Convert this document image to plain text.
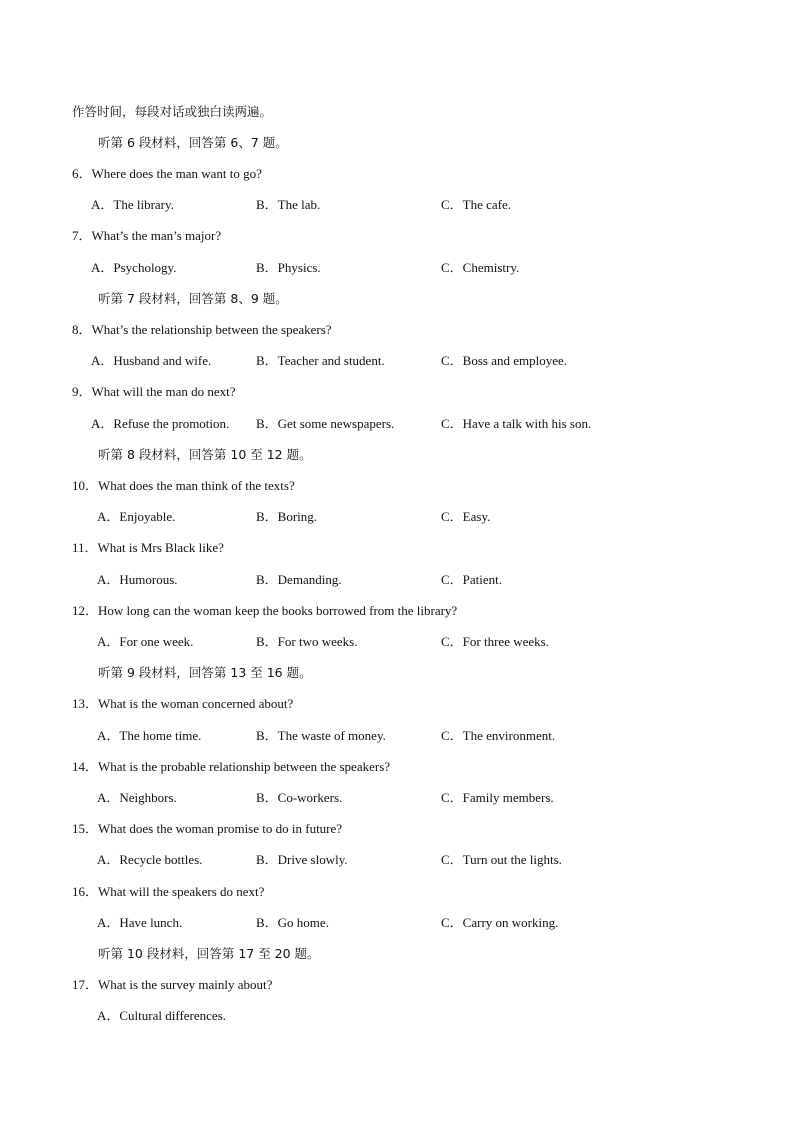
作答时间，每段对话或独白读两遍。
听第 6 段材料，回答第 6、7 题。
6．Where does the man want to go?
A．The library.	B．The lab.	C．The cafe.
7．What’s the man’s major?
A．Psychology.	B．Physics.	C．Chemistry.
听第 7 段材料，回答第 8、9 题。
8．What’s the relationship between the speakers?
A．Husband and wife.	B．Teacher and student.	C．Boss and employee.
9．What will the man do next?
A．Refuse the promotion. B．Get some newspapers.	C．Have a talk with his son.
听第 8 段材料，回答第 10 至 12 题。
10．What does the man think of the texts?
A．Enjoyable.	B．Boring.	C．Easy.
11．What is Mrs Black like?
A．Humorous.	B．Demanding.	C．Patient.
12．How long can the woman keep the books borrowed from the library?
A．For one week.	B．For two weeks.	C．For three weeks.
听第 9 段材料，回答第 13 至 16 题。
13．What is the woman concerned about?
A．The home time.	B．The waste of money.	C．The environment.
14．What is the probable relationship between the speakers?
A．Neighbors.	B．Co-workers.	C．Family members.
15．What does the woman promise to do in future?
A．Recycle bottles.	B．Drive slowly.	C．Turn out the lights.
16．What will the speakers do next?
A．Have lunch.	B．Go home.	C．Carry on working.
听第 10 段材料，回答第 17 至 20 题。
17．What is the survey mainly about?
A．Cultural differences.
